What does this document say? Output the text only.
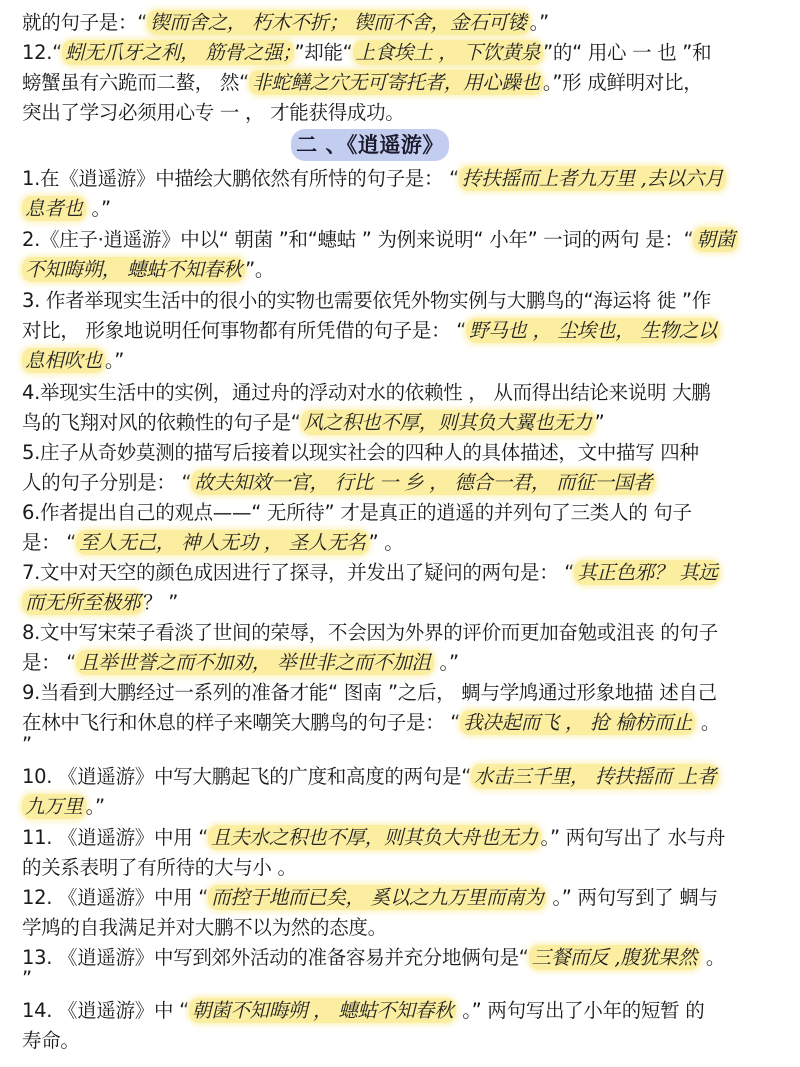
就的句子是：“ 锲而舍之， 朽木不折； 锲而不舍，金石可镂 。”
12.“ 蚓无爪牙之利， 筋骨之强； ”却能“ 上食埃土 ， 下饮黄泉 ”的“ 用心 一 也 ”和
螃蟹虽有六跪而二螯， 然“ 非蛇鳝之穴无可寄托者，用心躁也 。”形 成鲜明对比，
突出了学习必须用心专 一 ， 才能获得成功。
二 、《逍遥游》
1.在《逍遥游》中描绘大鹏依然有所恃的句子是： “ 抟扶摇而上者九万里 ,去以六月
息者也 。”
2.《庄子·逍遥游》中以“ 朝菌 ”和“蟪蛄 ” 为例来说明“ 小年” 一词的两句 是：“ 朝菌
不知晦朔， 蟪蛄不知春秋 ”。
3. 作者举现实生活中的很小的实物也需要依凭外物实例与大鹏鸟的“海运将 徙 ”作
对比， 形象地说明任何事物都有所凭借的句子是： “ 野马也 ， 尘埃也， 生物之以
息相吹也 。”
4.举现实生活中的实例，通过舟的浮动对水的依赖性 ， 从而得出结论来说明 大鹏
鸟的飞翔对风的依赖性的句子是“ 风之积也不厚，则其负大翼也无力 ”
5.庄子从奇妙莫测的描写后接着以现实社会的四种人的具体描述，文中描写 四种
人的句子分别是： “ 故夫知效一官， 行比 一 乡 ， 德合一君， 而征一国者
6.作者提出自己的观点——“ 无所待” 才是真正的逍遥的并列句了三类人的 句子
是： “ 至人无己， 神人无功 ， 圣人无名 ” 。
7.文中对天空的颜色成因进行了探寻，并发出了疑问的两句是： “ 其正色邪？ 其远
而无所至极邪 ？ ”
8.文中写宋荣子看淡了世间的荣辱，不会因为外界的评价而更加奋勉或沮丧 的句子
是： “ 且举世誉之而不加劝， 举世非之而不加沮 。”
9.当看到大鹏经过一系列的准备才能“ 图南 ”之后， 蜩与学鸠通过形象地描 述自己
在林中飞行和休息的样子来嘲笑大鹏鸟的句子是： “ 我决起而飞 ， 抢 榆枋而止 。
”
10. 《逍遥游》中写大鹏起飞的广度和高度的两句是“ 水击三千里， 抟扶摇而 上者
九万里 。”
11. 《逍遥游》中用 “ 且夫水之积也不厚，则其负大舟也无力 。” 两句写出了 水与舟
的关系表明了有所待的大与小 。
12. 《逍遥游》中用 “ 而控于地而已矣， 奚以之九万里而南为 。” 两句写到了 蜩与
学鸠的自我满足并对大鹏不以为然的态度。
13. 《逍遥游》中写到郊外活动的准备容易并充分地俩句是“ 三餐而反 ,腹犹果然 。
”
14. 《逍遥游》中 “ 朝菌不知晦朔 ， 蟪蛄不知春秋 。” 两句写出了小年的短暂 的
寿命。
